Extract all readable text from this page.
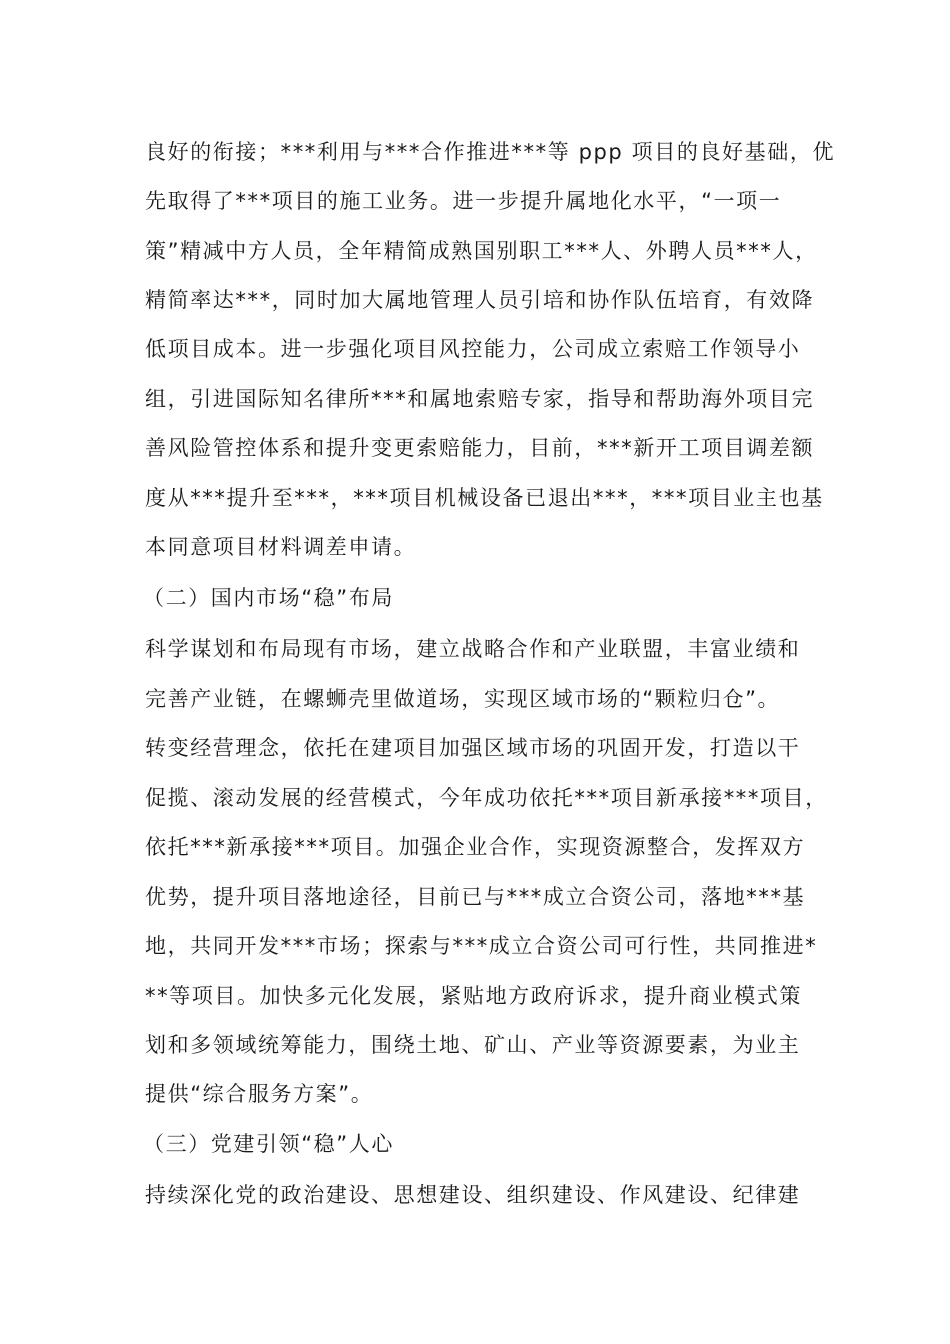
良好的衔接；***利用与***合作推进***等 ppp 项目的良好基础，优
先取得了***项目的施工业务。进一步提升属地化水平，“一项一
策”精减中方人员，全年精简成熟国别职工***人、外聘人员***人，
精简率达***，同时加大属地管理人员引培和协作队伍培育，有效降
低项目成本。进一步强化项目风控能力，公司成立索赔工作领导小
组，引进国际知名律所***和属地索赔专家，指导和帮助海外项目完
善风险管控体系和提升变更索赔能力，目前，***新开工项目调差额
度从***提升至***，***项目机械设备已退出***，***项目业主也基
本同意项目材料调差申请。
（二）国内市场“稳”布局
科学谋划和布局现有市场，建立战略合作和产业联盟，丰富业绩和
完善产业链，在螺蛳壳里做道场，实现区域市场的“颗粒归仓”。
转变经营理念，依托在建项目加强区域市场的巩固开发，打造以干
促揽、滚动发展的经营模式，今年成功依托***项目新承接***项目，
依托***新承接***项目。加强企业合作，实现资源整合，发挥双方
优势，提升项目落地途径，目前已与***成立合资公司，落地***基
地，共同开发***市场；探索与***成立合资公司可行性，共同推进*
**等项目。加快多元化发展，紧贴地方政府诉求，提升商业模式策
划和多领域统筹能力，围绕土地、矿山、产业等资源要素，为业主
提供“综合服务方案”。
（三）党建引领“稳”人心
持续深化党的政治建设、思想建设、组织建设、作风建设、纪律建
